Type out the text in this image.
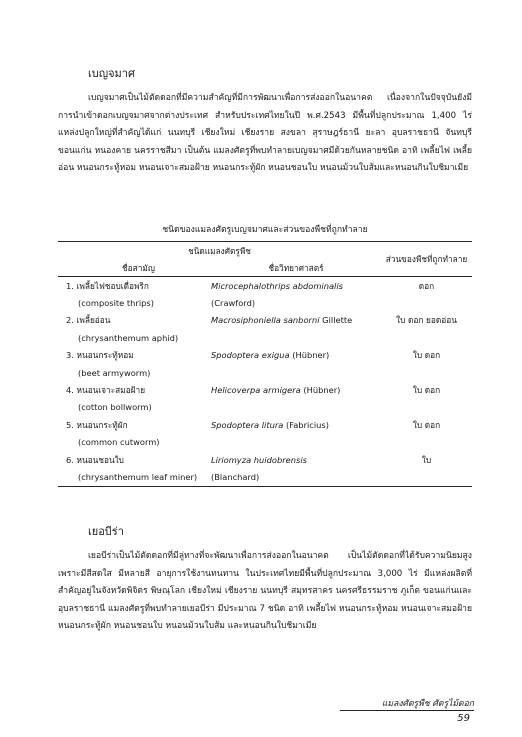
เบญจมาศ

เบญจมาศเป็นไม้ตัดดอกที่มีความสำคัญที่มีการพัฒนาเพื่อการส่งออกในอนาคต เนื่องจากในปัจจุบันยังมีการนำเข้าดอกเบญจมาศจากต่างประเทศ สำหรับประเทศไทยในปี พ.ศ.2543 มีพื้นที่ปลูกประมาณ 1,400 ไร่ แหล่งปลูกใหญ่ที่สำคัญได้แก่ นนทบุรี เชียงใหม่ เชียงราย สงขลา สุราษฎร์ธานี ยะลา อุบลราชธานี จันทบุรี ขอนแก่น หนองคาย นครราชสีมา เป็นต้น แมลงศัตรูที่พบทำลายเบญจมาศมีด้วยกันหลายชนิด อาทิ เพลี้ยไฟ เพลี้ยอ่อน หนอนกระทู้หอม หนอนเจาะสมอฝ้าย หนอนกระทู้ผัก หนอนชอนใบ หนอนม้วนใบส้มและหนอนกินใบชิมาเมีย

ชนิดของแมลงศัตรูเบญจมาศและส่วนของพืชที่ถูกทำลาย
ชนิดแมลงศัตรูพืช		ส่วนของพืชที่ถูกทำลาย
ชื่อสามัญ	ชื่อวิทยาศาสตร์	
1. เพลี้ยไฟชอบเดื่อพริก	Microcephalothrips abdominalis	ดอก
(composite thrips)	(Crawford)	
2. เพลี้ยอ่อน	Macrosiphoniella sanborni Gillette	ใบ ดอก ยอดอ่อน
(chrysanthemum aphid)		
3. หนอนกระทู้หอม	Spodoptera exigua (Hübner)	ใบ ดอก
(beet armyworm)		
4. หนอนเจาะสมอฝ้าย	Helicoverpa armigera (Hübner)	ใบ ดอก
(cotton bollworm)		
5. หนอนกระทู้ผัก	Spodoptera litura (Fabricius)	ใบ ดอก
(common cutworm)		
6. หนอนชอนใบ	Liriomyza huidobrensis	ใบ
(chrysanthemum leaf miner)	(Blanchard)	
เยอบีร่า

เยอบีร่าเป็นไม้ตัดดอกที่มีลู่ทางที่จะพัฒนาเพื่อการส่งออกในอนาคต เป็นไม้ตัดดอกที่ได้รับความนิยมสูง เพราะมีสีสดใส มีหลายสี อายุการใช้งานทนทาน ในประเทศไทยมีพื้นที่ปลูกประมาณ 3,000 ไร่ มีแหล่งผลิตที่สำคัญอยู่ในจังหวัดพิจิตร พิษณุโลก เชียงใหม่ เชียงราย นนทบุรี สมุทรสาคร นครศรีธรรมราช ภูเก็ต ขอนแก่นและอุบลราชธานี แมลงศัตรูที่พบทำลายเยอบีร่า มีประมาณ 7 ชนิด อาทิ เพลี้ยไฟ หนอนกระทู้หอม หนอนเจาะสมอฝ้าย หนอนกระทู้ผัก หนอนชอนใบ หนอนม้วนใบส้ม และหนอนกินใบชิมาเมีย

แมลงศัตรูพืช ศัตรูไม้ดอก
59
